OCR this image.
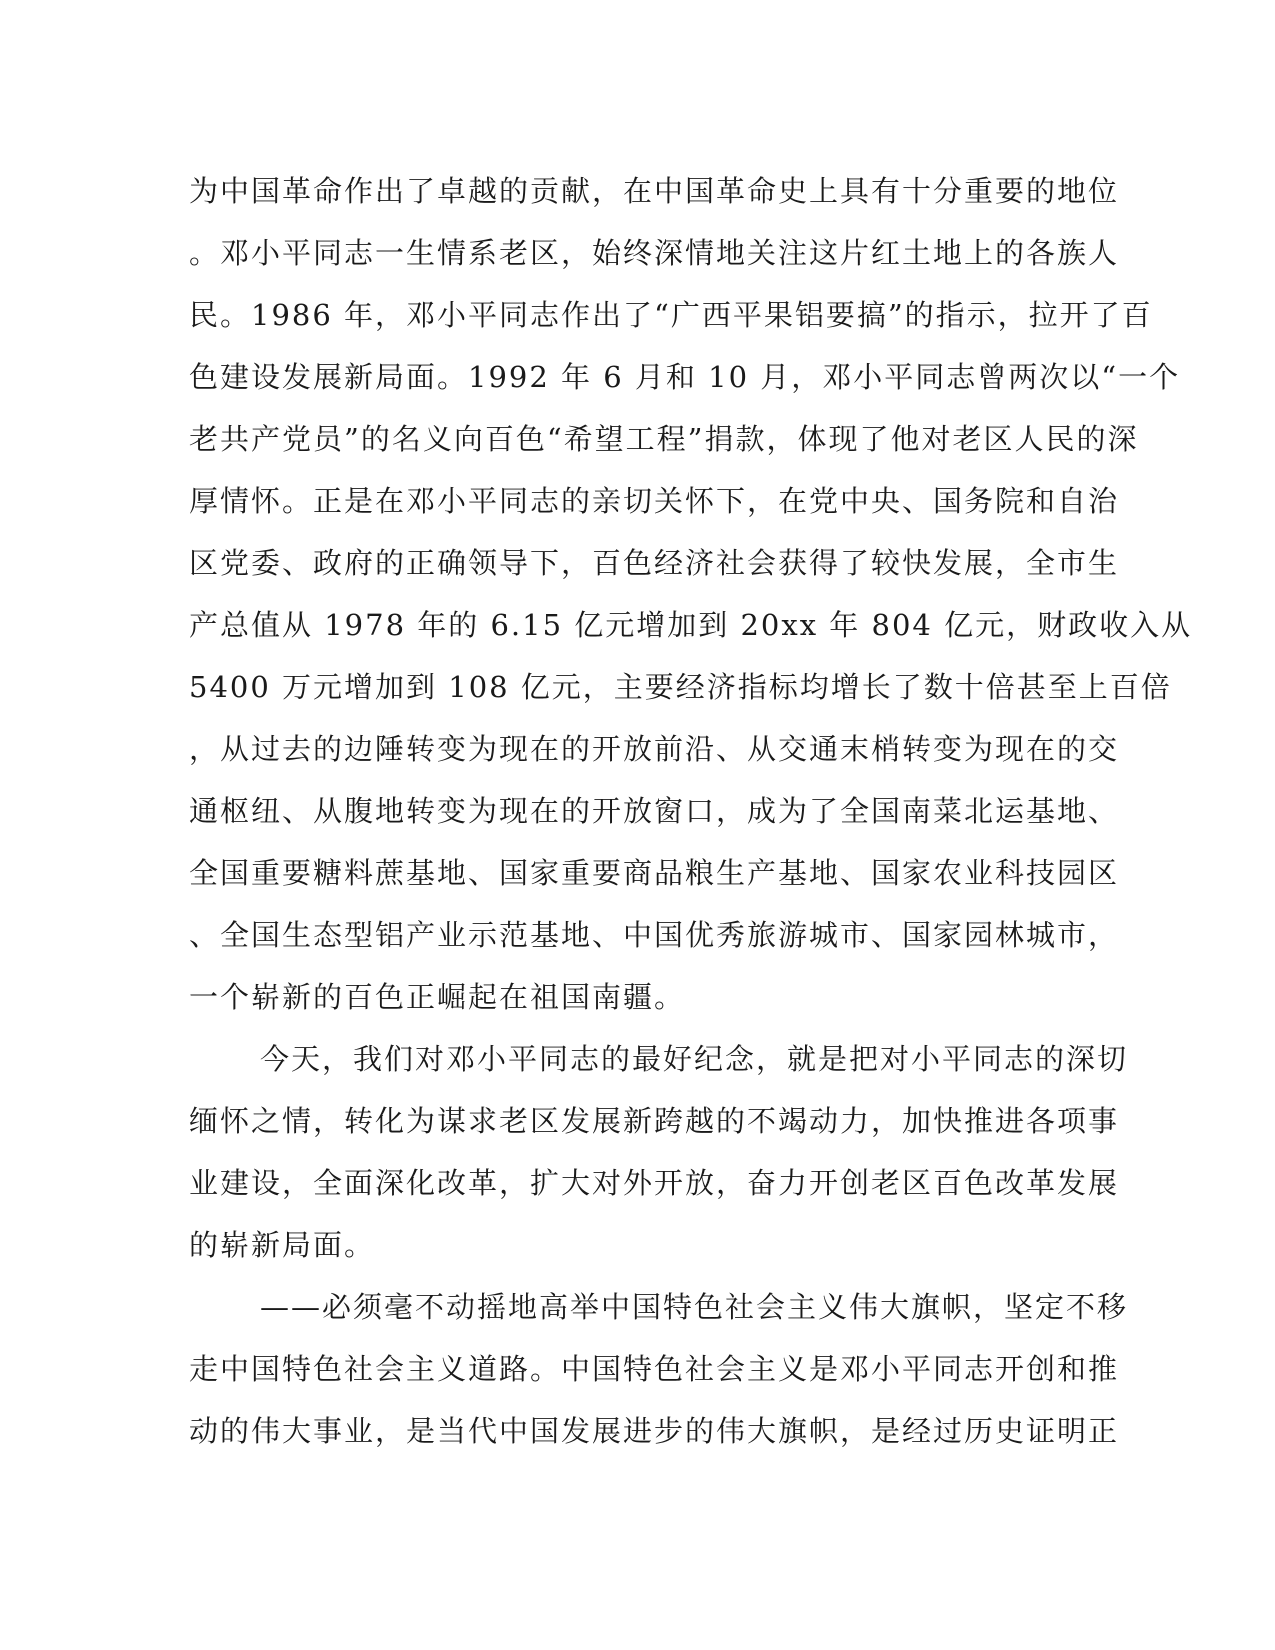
为中国革命作出了卓越的贡献，在中国革命史上具有十分重要的地位
。邓小平同志一生情系老区，始终深情地关注这片红土地上的各族人
民。1986 年，邓小平同志作出了“广西平果铝要搞”的指示，拉开了百
色建设发展新局面。1992 年 6 月和 10 月，邓小平同志曾两次以“一个
老共产党员”的名义向百色“希望工程”捐款，体现了他对老区人民的深
厚情怀。正是在邓小平同志的亲切关怀下，在党中央、国务院和自治
区党委、政府的正确领导下，百色经济社会获得了较快发展，全市生
产总值从 1978 年的 6.15 亿元增加到 20xx 年 804 亿元，财政收入从
5400 万元增加到 108 亿元，主要经济指标均增长了数十倍甚至上百倍
，从过去的边陲转变为现在的开放前沿、从交通末梢转变为现在的交
通枢纽、从腹地转变为现在的开放窗口，成为了全国南菜北运基地、
全国重要糖料蔗基地、国家重要商品粮生产基地、国家农业科技园区
、全国生态型铝产业示范基地、中国优秀旅游城市、国家园林城市，
一个崭新的百色正崛起在祖国南疆。
今天，我们对邓小平同志的最好纪念，就是把对小平同志的深切
缅怀之情，转化为谋求老区发展新跨越的不竭动力，加快推进各项事
业建设，全面深化改革，扩大对外开放，奋力开创老区百色改革发展
的崭新局面。
——必须毫不动摇地高举中国特色社会主义伟大旗帜，坚定不移
走中国特色社会主义道路。中国特色社会主义是邓小平同志开创和推
动的伟大事业，是当代中国发展进步的伟大旗帜，是经过历史证明正
